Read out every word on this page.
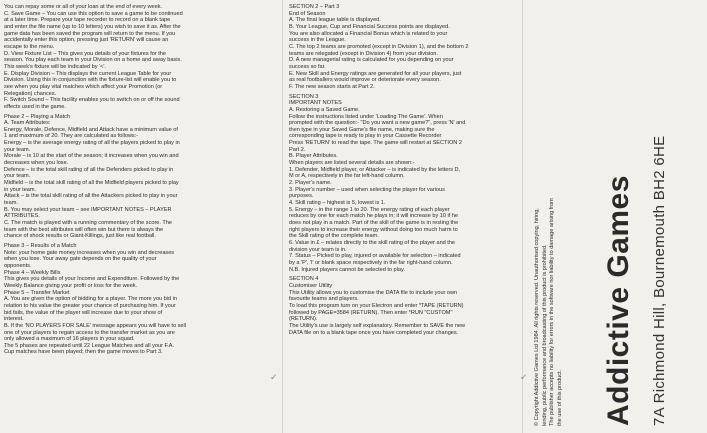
You can repay some or all of your loan at the end of every week.
C. Save Game – You can use this option to save a game to be continued
at a later time. Prepare your tape recorder to record on a blank tape
and enter the file name (up to 10 letters) you wish to save it as. After the
game data has been saved the program will return to the menu. If you
accidentally enter this option, pressing just 'RETURN' will cause an
escape to the menu.
D. View Fixture List – This gives you details of your fixtures for the
season. You play each team in your Division on a home and away basis.
This week's fixture will be indicated by '<'.
E. Display Division – This displays the current League Table for your
Division. Using this in conjunction with the fixture-list will enable you to
see when you play vital matches which affect your Promotion (or
Relegation) chances.
F. Switch Sound – This facility enables you to switch on or off the sound
effects used in the game.
Phase 2 – Playing a Match
A. Team Attributes:
Energy, Morale, Defence, Midfield and Attack have a minimum value of
1 and maximum of 20. They are calculated as follows:-
Energy – is the average energy rating of all the players picked to play in
your team.
Morale – is 10 at the start of the season; it increases when you win and
decreases when you lose.
Defence – is the total skill rating of all the Defenders picked to play in
your team.
Midfield – is the total skill rating of all the Midfield players picked to play
in your team.
Attack – is the total skill rating of all the Attackers picked to play in your
team.
B. You may select your team – see IMPORTANT NOTES – PLAYER
ATTRIBUTES.
C. The match is played with a running commentary of the score. The
team with the best attributes will often win but there is always the
chance of shock results or Giant-Killings, just like real football.
Phase 3 – Results of a Match
Note: your home gate money increases when you win and decreases
when you lose. Your away gate depends on the quality of your
opponents.
Phase 4 – Weekly Bills
This gives you details of your Income and Expenditure. Followed by the
Weekly Balance giving your profit or loss for the week.
Phase 5 – Transfer Market
A. You are given the option of bidding for a player. The more you bid in
relation to his value the greater your chance of purchasing him. If your
bid fails, the value of the player will increase due to your show of
interest.
B. If the 'NO PLAYERS FOR SALE' message appears you will have to sell
one of your players to regain access to the transfer market as you are
only allowed a maximum of 16 players in your squad.
The 5 phases are repeated until 22 League Matches and all your F.A.
Cup matches have been played; then the game moves to Part 3.
SECTION 2 – Part 3
End of Season
A. The final league table is displayed.
B. Your League, Cup and Financial Success points are displayed.
You are also allocated a Financial Bonus which is related to your
success in the League.
C. The top 2 teams are promoted (except in Division 1), and the bottom 2
teams are relegated (except in Division 4) from your division.
D. A new managerial rating is calculated for you depending on your
success so far.
E. New Skill and Energy ratings are generated for all your players, just
as real footballers would improve or deteriorate every season.
F. The new season starts at Part 2.
SECTION 3
IMPORTANT NOTES
A. Restoring a Saved Game.
Follow the instructions listed under 'Loading The Game'. When
prompted with the question:- "Do you want a new game?", press 'N' and
then type in your Saved Game's file name, making sure the
corresponding tape is ready to play in your Cassette Recorder
Press 'RETURN' to read the tape. The game will restart at SECTION 2
Part 2.
B. Player Attributes.
When players are listed several details are shown:-
1. Defender, Midfield player, or Attacker – is indicated by the letters D,
M or A, respectively in the far left-hand column.
2. Player's name.
3. Player's number – used when selecting the player for various
purposes.
4. Skill rating – highest is 5, lowest is 1.
5. Energy – in the range 1 to 20. The energy rating of each player
reduces by one for each match he plays in; it will increase by 10 if he
does not play in a match. Part of the skill of the game is in resting the
right players to increase their energy without doing too much harm to
the Skill rating of the complete team.
6. Value in £ – relates directly to the skill rating of the player and the
division your team is in.
7. Status – Picked to play, injured or available for selection – indicated
by a 'P', 'I' or blank space respectively in the far right-hand column.
N.B. Injured players cannot be selected to play.
SECTION 4
Customiser Utility
This Utility allows you to customise the DATA file to include your own
favourite teams and players.
To load this program turn on your Electron and enter *TAPE (RETURN)
followed by PAGE=3584 (RETURN). Then enter *RUN "CUSTOM"
(RETURN).
The Utility's use is largely self explanatory. Remember to SAVE the new
DATA file on to a blank tape once you have completed your changes.	© Copyright Addictive Games Ltd 1984. All rights reserved. Unauthorised copying, hiring, lending, public performance and broadcasting of this product is prohibited. The publisher accepts no liability for errors in the software nor liability to damage arising from the use of this product. Addictive Games 7A Richmond Hill, Bournemouth BH2 6HE
✓	✓
